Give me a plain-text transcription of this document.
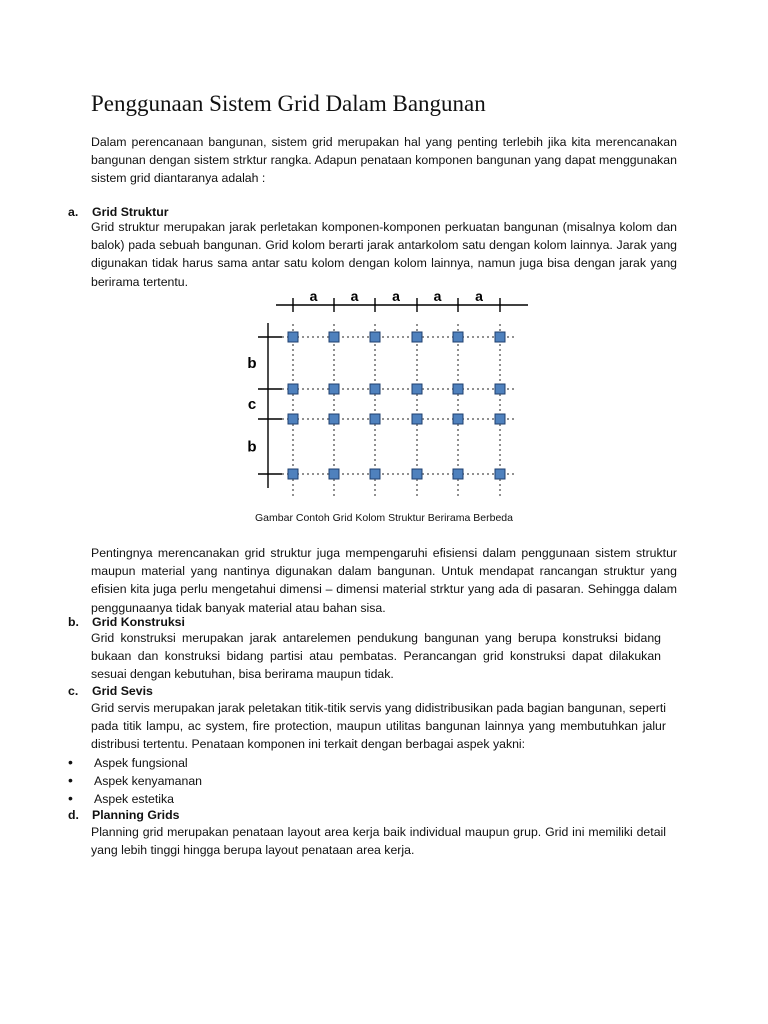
Penggunaan Sistem Grid Dalam Bangunan

Dalam perencanaan bangunan, sistem grid merupakan hal yang penting terlebih jika kita merencanakan bangunan dengan sistem strktur rangka. Adapun penataan komponen bangunan yang dapat menggunakan sistem grid diantaranya adalah :

a. Grid Struktur

Grid struktur merupakan jarak perletakan komponen-komponen perkuatan bangunan (misalnya kolom dan balok) pada sebuah bangunan. Grid kolom berarti jarak antarkolom satu dengan kolom lainnya. Jarak yang digunakan tidak harus sama antar satu kolom dengan kolom lainnya, namun juga bisa dengan jarak yang berirama tertentu.

a a a a a
b
c
b

Gambar Contoh Grid Kolom Struktur Berirama Berbeda

Pentingnya merencanakan grid struktur juga mempengaruhi efisiensi dalam penggunaan sistem struktur maupun material yang nantinya digunakan dalam bangunan. Untuk mendapat rancangan struktur yang efisien kita juga perlu mengetahui dimensi – dimensi material strktur yang ada di pasaran. Sehingga dalam penggunaanya tidak banyak material atau bahan sisa.

b. Grid Konstruksi

Grid konstruksi merupakan jarak antarelemen pendukung bangunan yang berupa konstruksi bidang bukaan dan konstruksi bidang partisi atau pembatas. Perancangan grid konstruksi dapat dilakukan sesuai dengan kebutuhan, bisa berirama maupun tidak.

c. Grid Sevis

Grid servis merupakan jarak peletakan titik-titik servis yang didistribusikan pada bagian bangunan, seperti pada titik lampu, ac system, fire protection, maupun utilitas bangunan lainnya yang membutuhkan jalur distribusi tertentu. Penataan komponen ini terkait dengan berbagai aspek yakni:

• Aspek fungsional
• Aspek kenyamanan
• Aspek estetika
d. Planning Grids

Planning grid merupakan penataan layout area kerja baik individual maupun grup. Grid ini memiliki detail yang lebih tinggi hingga berupa layout penataan area kerja.
